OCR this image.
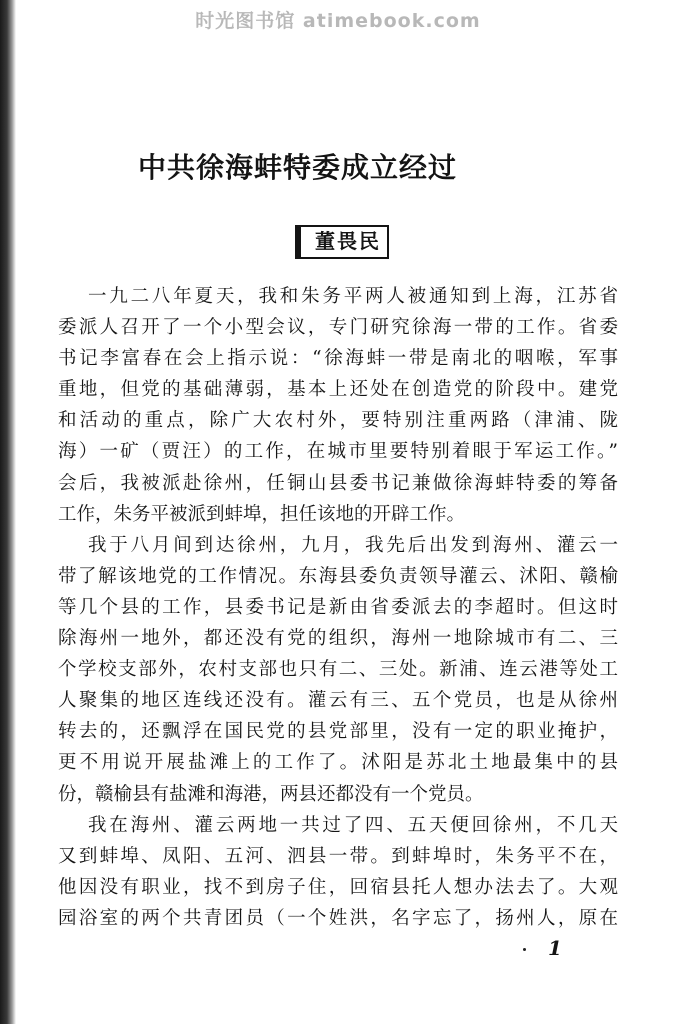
时光图书馆 atimebook.com
中共徐海蚌特委成立经过
董畏民

一九二八年夏天，我和朱务平两人被通知到上海，江苏省
委派人召开了一个小型会议，专门研究徐海一带的工作。省委
书记李富春在会上指示说：“徐海蚌一带是南北的咽喉，军事
重地，但党的基础薄弱，基本上还处在创造党的阶段中。建党
和活动的重点，除广大农村外，要特别注重两路（津浦、陇
海）一矿（贾汪）的工作，在城市里要特别着眼于军运工作。”
会后，我被派赴徐州，任铜山县委书记兼做徐海蚌特委的筹备
工作，朱务平被派到蚌埠，担任该地的开辟工作。

我于八月间到达徐州，九月，我先后出发到海州、灌云一
带了解该地党的工作情况。东海县委负责领导灌云、沭阳、赣榆
等几个县的工作，县委书记是新由省委派去的李超时。但这时
除海州一地外，都还没有党的组织，海州一地除城市有二、三
个学校支部外，农村支部也只有二、三处。新浦、连云港等处工
人聚集的地区连线还没有。灌云有三、五个党员，也是从徐州
转去的，还飘浮在国民党的县党部里，没有一定的职业掩护，
更不用说开展盐滩上的工作了。沭阳是苏北土地最集中的县
份，赣榆县有盐滩和海港，两县还都没有一个党员。

我在海州、灌云两地一共过了四、五天便回徐州，不几天
又到蚌埠、凤阳、五河、泗县一带。到蚌埠时，朱务平不在，
他因没有职业，找不到房子住，回宿县托人想办法去了。大观
园浴室的两个共青团员（一个姓洪，名字忘了，扬州人，原在

1
